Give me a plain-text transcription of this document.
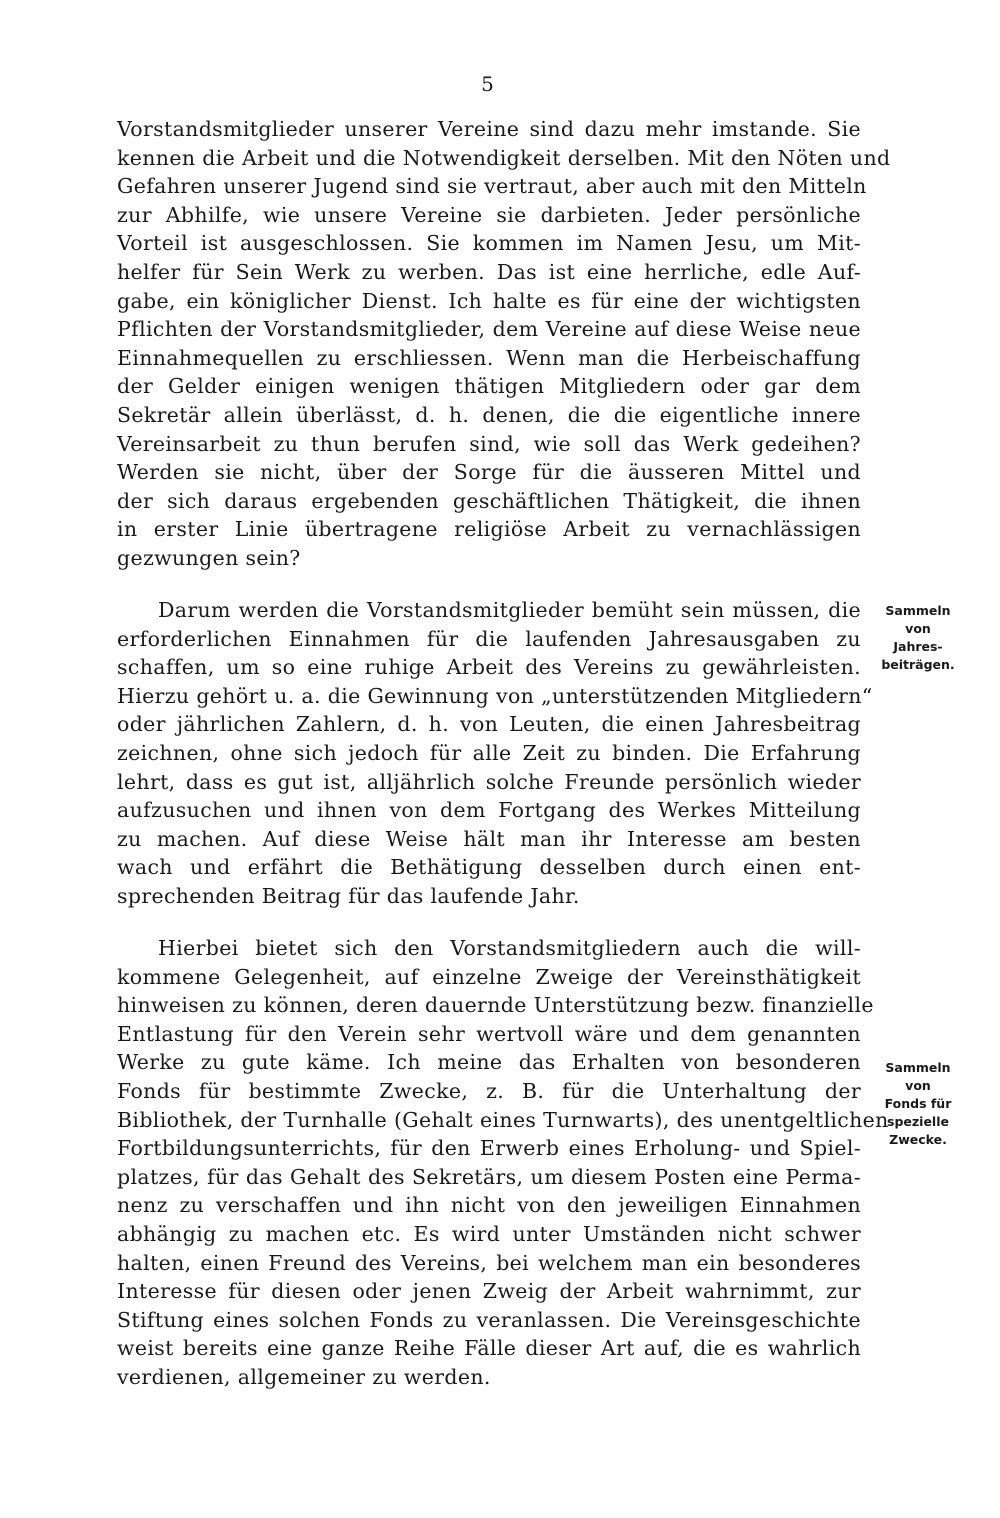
5
Vorstandsmitglieder unserer Vereine sind dazu mehr imstande. Sie
kennen die Arbeit und die Notwendigkeit derselben. Mit den Nöten und
Gefahren unserer Jugend sind sie vertraut, aber auch mit den Mitteln
zur Abhilfe, wie unsere Vereine sie darbieten. Jeder persönliche
Vorteil ist ausgeschlossen. Sie kommen im Namen Jesu, um Mit-
helfer für Sein Werk zu werben. Das ist eine herrliche, edle Auf-
gabe, ein königlicher Dienst. Ich halte es für eine der wichtigsten
Pflichten der Vorstandsmitglieder, dem Vereine auf diese Weise neue
Einnahmequellen zu erschliessen. Wenn man die Herbeischaffung
der Gelder einigen wenigen thätigen Mitgliedern oder gar dem
Sekretär allein überlässt, d. h. denen, die die eigentliche innere
Vereinsarbeit zu thun berufen sind, wie soll das Werk gedeihen?
Werden sie nicht, über der Sorge für die äusseren Mittel und
der sich daraus ergebenden geschäftlichen Thätigkeit, die ihnen
in erster Linie übertragene religiöse Arbeit zu vernachlässigen
gezwungen sein?
Darum werden die Vorstandsmitglieder bemüht sein müssen, die
erforderlichen Einnahmen für die laufenden Jahresausgaben zu
schaffen, um so eine ruhige Arbeit des Vereins zu gewährleisten.
Hierzu gehört u. a. die Gewinnung von „unterstützenden Mitgliedern“
oder jährlichen Zahlern, d. h. von Leuten, die einen Jahresbeitrag
zeichnen, ohne sich jedoch für alle Zeit zu binden. Die Erfahrung
lehrt, dass es gut ist, alljährlich solche Freunde persönlich wieder
aufzusuchen und ihnen von dem Fortgang des Werkes Mitteilung
zu machen. Auf diese Weise hält man ihr Interesse am besten
wach und erfährt die Bethätigung desselben durch einen ent-
sprechenden Beitrag für das laufende Jahr.
Hierbei bietet sich den Vorstandsmitgliedern auch die will-
kommene Gelegenheit, auf einzelne Zweige der Vereinsthätigkeit
hinweisen zu können, deren dauernde Unterstützung bezw. finanzielle
Entlastung für den Verein sehr wertvoll wäre und dem genannten
Werke zu gute käme. Ich meine das Erhalten von besonderen
Fonds für bestimmte Zwecke, z. B. für die Unterhaltung der
Bibliothek, der Turnhalle (Gehalt eines Turnwarts), des unentgeltlichen
Fortbildungsunterrichts, für den Erwerb eines Erholung- und Spiel-
platzes, für das Gehalt des Sekretärs, um diesem Posten eine Perma-
nenz zu verschaffen und ihn nicht von den jeweiligen Einnahmen
abhängig zu machen etc. Es wird unter Umständen nicht schwer
halten, einen Freund des Vereins, bei welchem man ein besonderes
Interesse für diesen oder jenen Zweig der Arbeit wahrnimmt, zur
Stiftung eines solchen Fonds zu veranlassen. Die Vereinsgeschichte
weist bereits eine ganze Reihe Fälle dieser Art auf, die es wahrlich
verdienen, allgemeiner zu werden.
Sammeln
von
Jahres-
beiträgen.
Sammeln
von
Fonds für
spezielle
Zwecke.
